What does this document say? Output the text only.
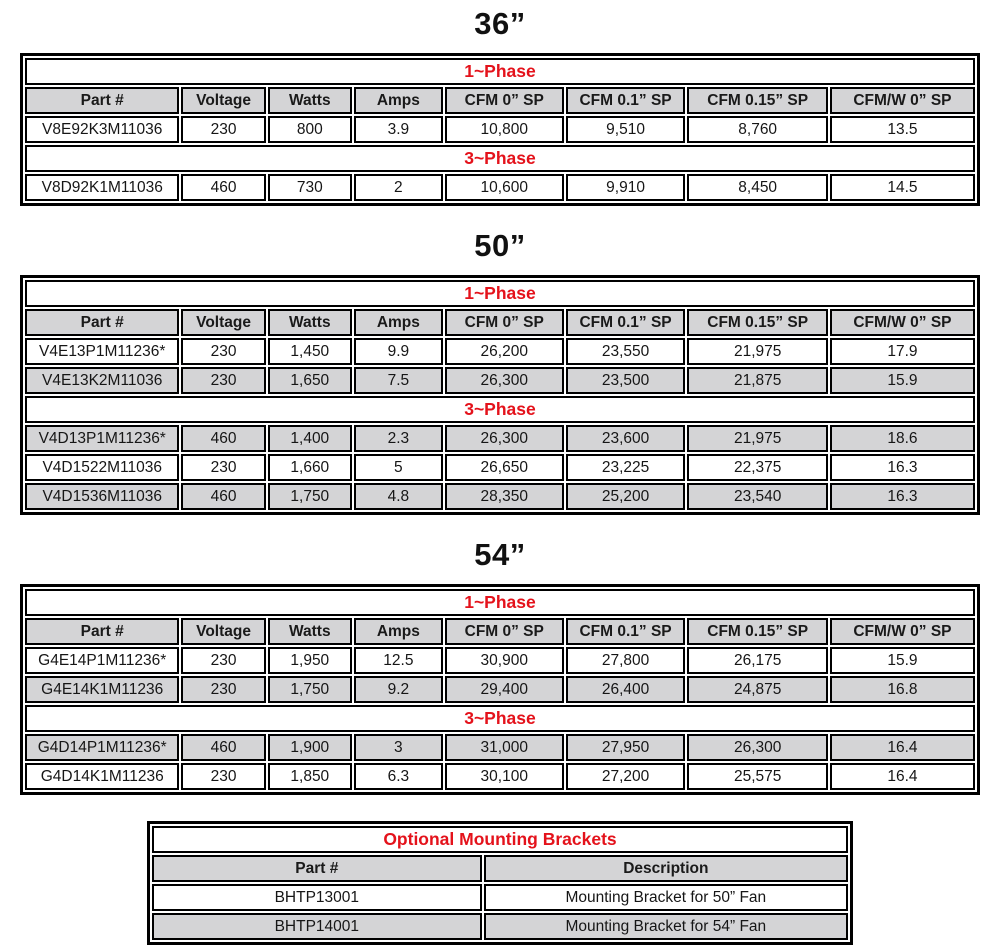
36”
1~Phase							
Part #	Voltage	Watts	Amps	CFM 0” SP	CFM 0.1” SP	CFM 0.15” SP	CFM/W 0” SP
V8E92K3M11036	230	800	3.9	10,800	9,510	8,760	13.5
3~Phase							
V8D92K1M11036	460	730	2	10,600	9,910	8,450	14.5
50”
1~Phase							
Part #	Voltage	Watts	Amps	CFM 0” SP	CFM 0.1” SP	CFM 0.15” SP	CFM/W 0” SP
V4E13P1M11236*	230	1,450	9.9	26,200	23,550	21,975	17.9
V4E13K2M11036	230	1,650	7.5	26,300	23,500	21,875	15.9
3~Phase							
V4D13P1M11236*	460	1,400	2.3	26,300	23,600	21,975	18.6
V4D1522M11036	230	1,660	5	26,650	23,225	22,375	16.3
V4D1536M11036	460	1,750	4.8	28,350	25,200	23,540	16.3
54”
1~Phase							
Part #	Voltage	Watts	Amps	CFM 0” SP	CFM 0.1” SP	CFM 0.15” SP	CFM/W 0” SP
G4E14P1M11236*	230	1,950	12.5	30,900	27,800	26,175	15.9
G4E14K1M11236	230	1,750	9.2	29,400	26,400	24,875	16.8
3~Phase							
G4D14P1M11236*	460	1,900	3	31,000	27,950	26,300	16.4
G4D14K1M11236	230	1,850	6.3	30,100	27,200	25,575	16.4
Optional Mounting Brackets	
Part #	Description
BHTP13001	Mounting Bracket for 50” Fan
BHTP14001	Mounting Bracket for 54” Fan
